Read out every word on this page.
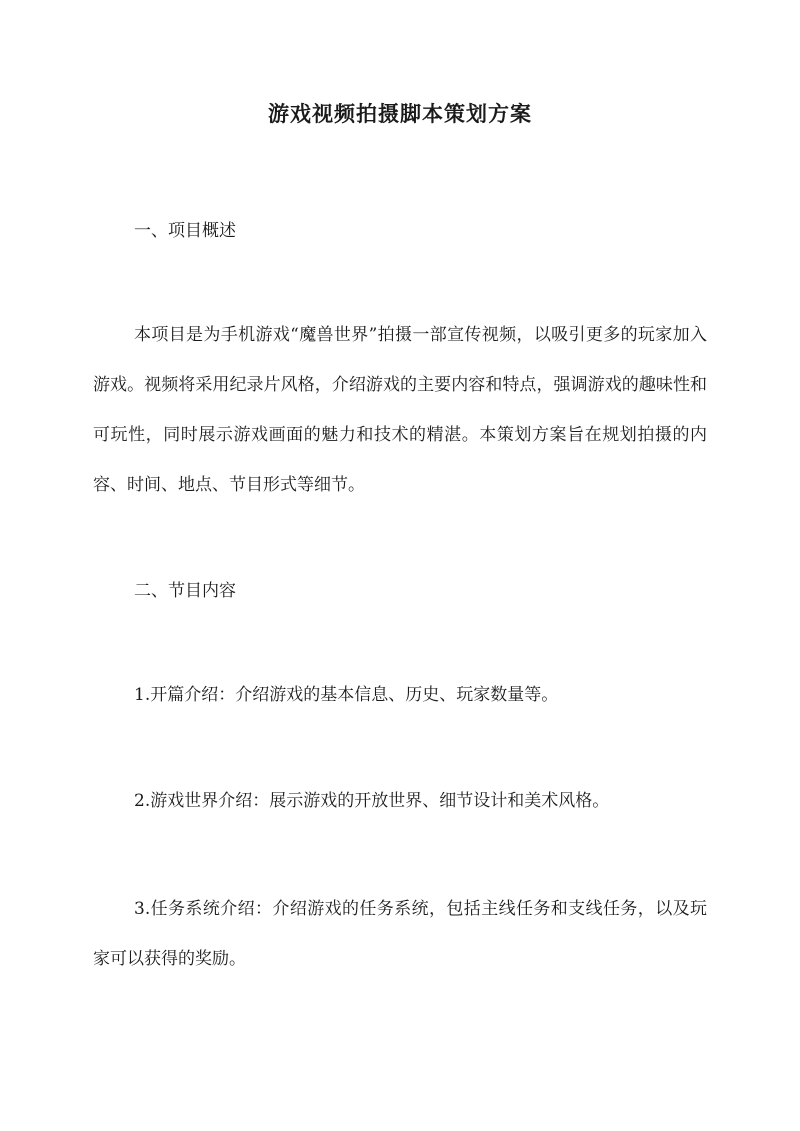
游戏视频拍摄脚本策划方案
一、项目概述

本项目是为手机游戏“魔兽世界”拍摄一部宣传视频，以吸引更多的玩家加入游戏。视频将采用纪录片风格，介绍游戏的主要内容和特点，强调游戏的趣味性和可玩性，同时展示游戏画面的魅力和技术的精湛。本策划方案旨在规划拍摄的内容、时间、地点、节目形式等细节。

二、节目内容

1.开篇介绍：介绍游戏的基本信息、历史、玩家数量等。

2.游戏世界介绍：展示游戏的开放世界、细节设计和美术风格。

3.任务系统介绍：介绍游戏的任务系统，包括主线任务和支线任务，以及玩家可以获得的奖励。
